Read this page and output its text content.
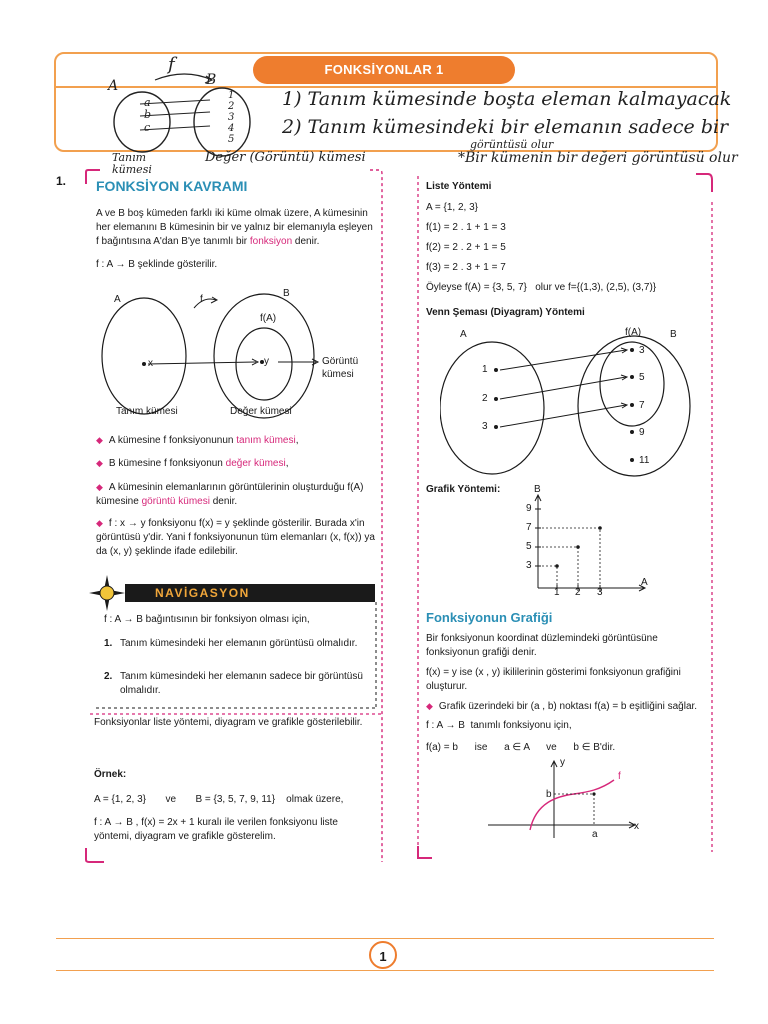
FONKSİYONLAR 1
f
A	B
a
b
c
1
2
3
4
5
Tanım kümesi
Değer (Görüntü) kümesi
1) Tanım kümesinde boşta eleman kalmayacak
2) Tanım kümesindeki bir elemanın sadece bir
görüntüsü olur
*Bir kümenin bir değeri görüntüsü olur
1. FONKSİYON KAVRAMI
A ve B boş kümeden farklı iki küme olmak üzere, A kümesinin her elemanını B kümesinin bir ve yalnız bir elemanıyla eşleyen f bağıntısına A'dan B'ye tanımlı bir fonksiyon denir.
f : A → B şeklinde gösterilir.
A	f
B
f(A)
x	y	Görüntü
kümesi
Tanım kümesi	Değer kümesi
◆ A kümesine f fonksiyonunun tanım kümesi,
◆ B kümesine f fonksiyonun değer kümesi,
◆ A kümesinin elemanlarının görüntülerinin oluşturduğu f(A) kümesine görüntü kümesi denir.
◆ f : x → y fonksiyonu f(x) = y şeklinde gösterilir. Burada x'in görüntüsü y'dir. Yani f fonksiyonunun tüm elemanları (x, f(x)) ya da (x, y) şeklinde ifade edilebilir.
NAVİGASYON
f : A → B bağıntısının bir fonksiyon olması için,
1. Tanım kümesindeki her elemanın görüntüsü olmalıdır.
2. Tanım kümesindeki her elemanın sadece bir görüntüsü olmalıdır.
Fonksiyonlar liste yöntemi, diyagram ve grafikle gösterilebilir.
Örnek:
A = {1, 2, 3}       ve       B = {3, 5, 7, 9, 11}    olmak üzere,
f : A → B , f(x) = 2x + 1 kuralı ile verilen fonksiyonu liste yöntemi, diyagram ve grafikle gösterelim.
Liste Yöntemi
A = {1, 2, 3}
f(1) = 2 . 1 + 1 = 3
f(2) = 2 . 2 + 1 = 5
f(3) = 2 . 3 + 1 = 7
Öyleyse f(A) = {3, 5, 7}   olur ve f={(1,3), (2,5), (3,7)}
Venn Şeması (Diyagram) Yöntemi
A	f(A)	B
1
2
3
3
5
7
9
11
Grafik Yöntemi:	B
A
9
7
5
3
1 2 3
Fonksiyonun Grafiği
Bir fonksiyonun koordinat düzlemindeki görüntüsüne fonksiyonun grafiği denir.
f(x) = y ise (x , y) ikililerinin gösterimi fonksiyonun grafiğini oluşturur.
◆ Grafik üzerindeki bir (a , b) noktası f(a) = b eşitliğini sağlar.
f : A → B  tanımlı fonksiyonu için,
f(a) = b      ise      a ∈ A      ve      b ∈ B'dir.
y
f
b
x
a
1
